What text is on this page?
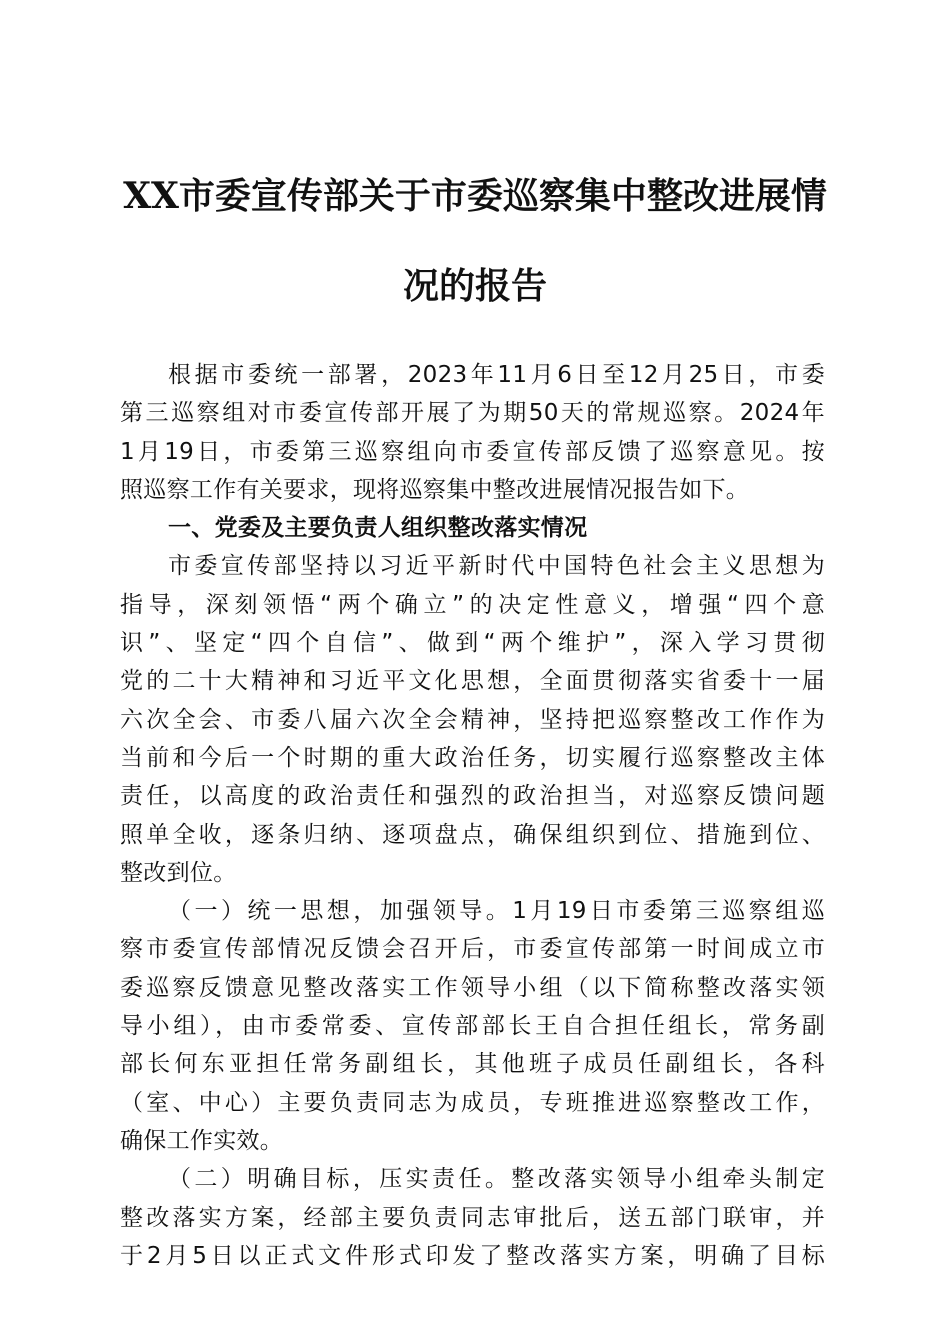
XX市委宣传部关于市委巡察集中整改进展情
况的报告
根据市委统一部署，2023年11月6日至12月25日，市委
第三巡察组对市委宣传部开展了为期50天的常规巡察。2024年
1月19日，市委第三巡察组向市委宣传部反馈了巡察意见。按
照巡察工作有关要求，现将巡察集中整改进展情况报告如下。
一、党委及主要负责人组织整改落实情况
市委宣传部坚持以习近平新时代中国特色社会主义思想为
指导，深刻领悟“两个确立”的决定性意义，增强“四个意
识”、坚定“四个自信”、做到“两个维护”，深入学习贯彻
党的二十大精神和习近平文化思想，全面贯彻落实省委十一届
六次全会、市委八届六次全会精神，坚持把巡察整改工作作为
当前和今后一个时期的重大政治任务，切实履行巡察整改主体
责任，以高度的政治责任和强烈的政治担当，对巡察反馈问题
照单全收，逐条归纳、逐项盘点，确保组织到位、措施到位、
整改到位。
（一）统一思想，加强领导。1月19日市委第三巡察组巡
察市委宣传部情况反馈会召开后，市委宣传部第一时间成立市
委巡察反馈意见整改落实工作领导小组（以下简称整改落实领
导小组），由市委常委、宣传部部长王自合担任组长，常务副
部长何东亚担任常务副组长，其他班子成员任副组长，各科
（室、中心）主要负责同志为成员，专班推进巡察整改工作，
确保工作实效。
（二）明确目标，压实责任。整改落实领导小组牵头制定
整改落实方案，经部主要负责同志审批后，送五部门联审，并
于2月5日以正式文件形式印发了整改落实方案，明确了目标
